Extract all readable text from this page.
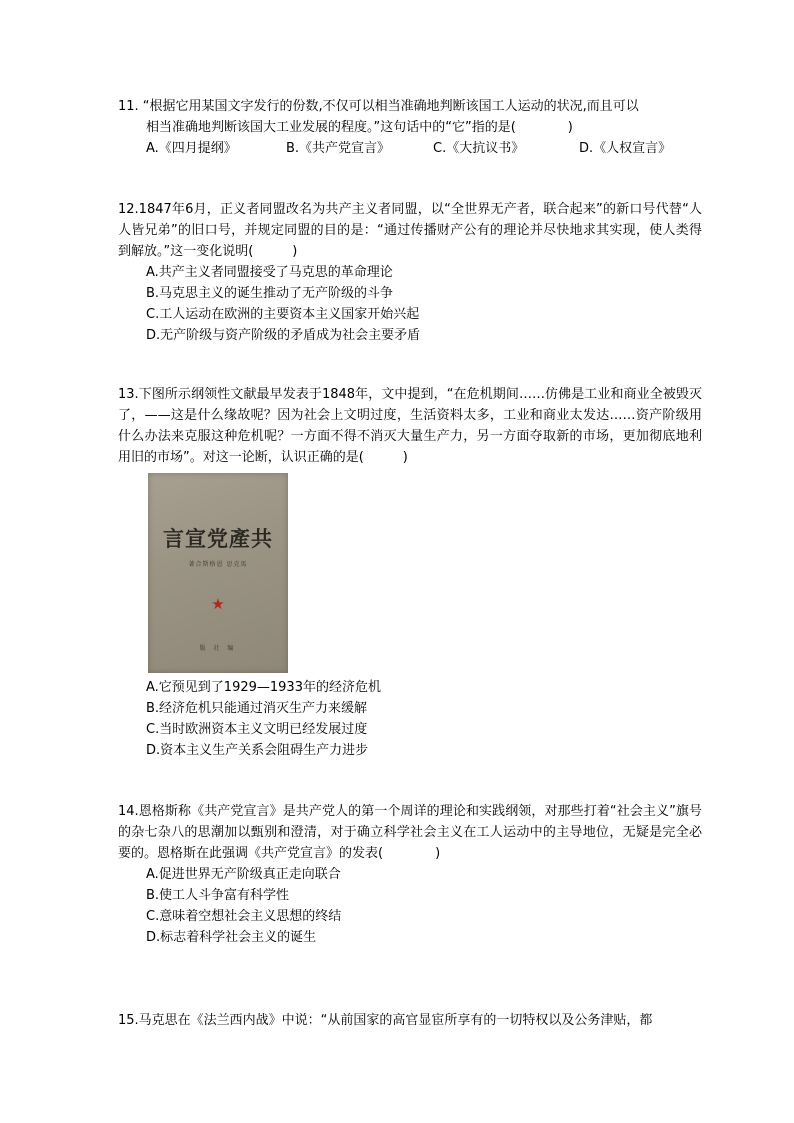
11. “根据它用某国文字发行的份数,不仅可以相当准确地判断该国工人运动的状况,而且可以

相当准确地判断该国大工业发展的程度。”这句话中的“它”指的是(　　　　)

A.《四月提纲》	B.《共产党宣言》	C.《大抗议书》	D.《人权宣言》

12.1847年6月，正义者同盟改名为共产主义者同盟，以“全世界无产者，联合起来”的新口号代替“人人皆兄弟”的旧口号，并规定同盟的目的是：“通过传播财产公有的理论并尽快地求其实现，使人类得到解放。”这一变化说明(　　　)

A.共产主义者同盟接受了马克思的革命理论

B.马克思主义的诞生推动了无产阶级的斗争

C.工人运动在欧洲的主要资本主义国家开始兴起

D.无产阶级与资产阶级的矛盾成为社会主要矛盾

13.下图所示纲领性文献最早发表于1848年，文中提到，“在危机期间……仿佛是工业和商业全被毁灭了，——这是什么缘故呢？因为社会上文明过度，生活资料太多，工业和商业太发达……资产阶级用什么办法来克服这种危机呢？一方面不得不消灭大量生产力，另一方面夺取新的市场，更加彻底地利用旧的市场”。对这一论断，认识正确的是(　　　)

共產党宣言
著合斯格恩 思克馬
★
版 社 编

A.它预见到了1929—1933年的经济危机

B.经济危机只能通过消灭生产力来缓解

C.当时欧洲资本主义文明已经发展过度

D.资本主义生产关系会阻碍生产力进步

14.恩格斯称《共产党宣言》是共产党人的第一个周详的理论和实践纲领，对那些打着“社会主义”旗号的杂七杂八的思潮加以甄别和澄清，对于确立科学社会主义在工人运动中的主导地位，无疑是完全必要的。恩格斯在此强调《共产党宣言》的发表(　　　　)

A.促进世界无产阶级真正走向联合

B.使工人斗争富有科学性

C.意味着空想社会主义思想的终结

D.标志着科学社会主义的诞生

15.马克思在《法兰西内战》中说：“从前国家的高官显宦所享有的一切特权以及公务津贴，都
